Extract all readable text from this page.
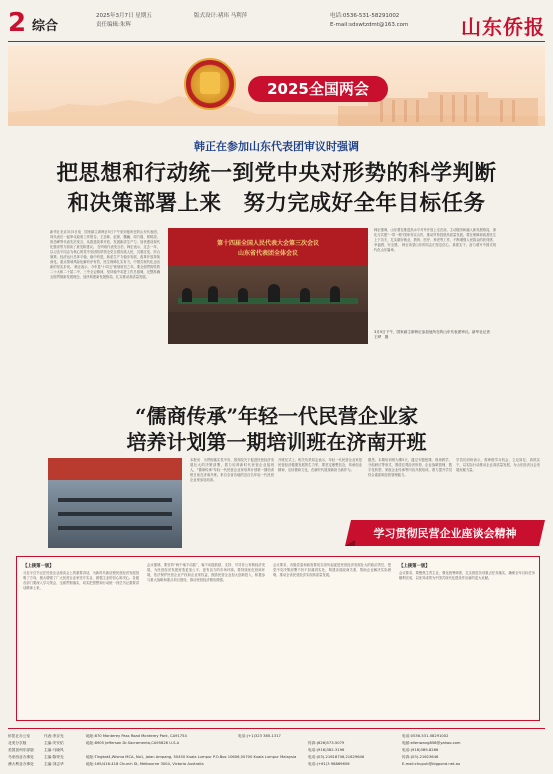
2 综合
2025年3月7日 星期五
责任编辑:朱辉
版式设计:褚玮 马利萍	电话:0536-531-5829​1002
E-mail:sdswtzdmt@163.com	山东侨报
2025全国两会
韩正在参加山东代表团审议时强调
把思想和行动统一到党中央对形势的科学判断
和决策部署上来　努力完成好全年目标任务
新华社北京3月5日电　国家副主席韩正5日下午来到他所在的山东代表团，同代表们一起审议政府工作报告。王忠林、赵豪、魏巍、周乃翔、郭树清、倪岳峰等代表先后发言，从推进改革开放、发展新质生产力、加快建设现代化强省等方面谈了意见和建议。 在听取代表发言后，韩正表示，过去一年，以习近平同志为核心的党中央团结带领全党全国各族人民，沉着应变、综合施策，经济运行总体平稳、稳中有进，新质生产力稳步发展，改革开放持续深化，重点领域风险化解有序有效，民生保障扎实有力，中国式现代化迈出新的坚实步伐。 韩正表示，今年是"十四五"规划收官之年。要全面贯彻党的二十大和二十届二中、三中全会精神，坚持稳中求进工作总基调，完整准确全面贯彻新发展理念，加快构建新发展格局，扎实推动高质量发展。
第十四届全国人民代表大会第三次会议
山东省代表团全体会议
韩正强调，山东要在推进高水平对外开放上走在前，主动服务和融入新发展格局，深化与共建"一带一路"国家务实合作，推动贸易投资高质量发展。要在保障和改善民生上下功夫，扎实做好就业、教育、医疗、养老等工作，不断增强人民群众的获得感、幸福感、安全感。 韩正希望山东的同志们坚定信心、真抓实干，奋力谱写中国式现代化山东篇章。
3月5日下午，国家副主席韩正参加他所在的山东代表团审议。新华社记者　王晔　摄
“儒商传承”年轻一代民营企业家
培养计划第一期培训班在济南开班
本报讯　为贯彻落实党中央、国务院关于促进民营经济发展壮大的决策部署，着力培养新时代民营企业接班人，“儒商传承”年轻一代民营企业家培养计划第一期培训班日前在济南开班。来自全省各地的近百名年轻一代民营企业家参加培训。
开班仪式上，相关负责同志表示，年轻一代民营企业家是民营经济健康发展的生力军，要坚定理想信念，传承创业精神，弘扬儒商文化，在新时代展现新担当新作为。
据悉，本期培训班为期5天，通过专题授课、现场教学、分组研讨等形式，围绕宏观经济形势、企业战略管理、数字化转型、家族企业传承等内容开展培训，着力提升学员综合素质和经营管理能力。
学员们纷纷表示，将珍惜学习机会，立足岗位、真抓实干，以实际行动推动企业高质量发展，为山东经济社会发展贡献力量。
学习贯彻民营企业座谈会精神
【上接第一版】
习近平总书记在民营企业座谈会上的重要讲话，为新时代新征程民营经济发展指明了方向，极大增强了广大民营企业家坚守实业、做强主业的信心和决心。各级各部门要深入学习领会、全面贯彻落实，切实把思想和行动统一到总书记重要讲话精神上来。
会议强调，要坚持“两个毫不动摇”，毫不动摇鼓励、支持、引导非公有制经济发展，为民营经济发展营造更加公平、更有活力的市场环境。要持续优化营商环境，依法保护民营企业产权和企业家权益，鼓励民营企业加大创新投入，积极参与重大战略和重点项目建设，推动民营经济做优做强。
会议要求，各级党委和政府要切实担负起促进民营经济发展壮大的政治责任，把党中央决策部署不折不扣落到实处，构建亲清政商关系，帮助企业解决实际困难，推动全省民营经济实现高质量发展。
【上接第一版】
会议要求，要聚焦主责主业，强化统筹调度，扎实推进各项重点任务落实，确保全年目标任务顺利完成，以优异成绩为中国式现代化建设作出新的更大贡献。
侨报社办公室	代表:李京光	地址:870 Monterey Pass Road Monterey Park, CA91754	电话:(+1)323 385-1317	电话:0536-531-5829​1002
北美分享版	主编:安安佑	地址:8905 Jefferson Dr.Sacramento,CA95826 U.S.A	传真:(626)573-5079	电邮:ellenwang858@yahoo.com
美国加州东部版	主编:马晓风	电话:(916)382-3196	电话:(916)389-8266
马来西亚办事处	主编:陈荣光	地址:Tingkat4,Wisma MCA, No1, Jalan Ampang, 50450 Kuala Lumpur P.O.Box 10606,50700 Kuala Lumpur Malaysia	电话:(03)-21618706,21629646	传真:(03)-21623646
澳大利亚办事处	主编:刘志华	地址:165/416-418 Church St, Melbourne 3004, Victoria Australia	电话:(+61)3 98869656	E-mail:chupuh@bigpond.net.au
